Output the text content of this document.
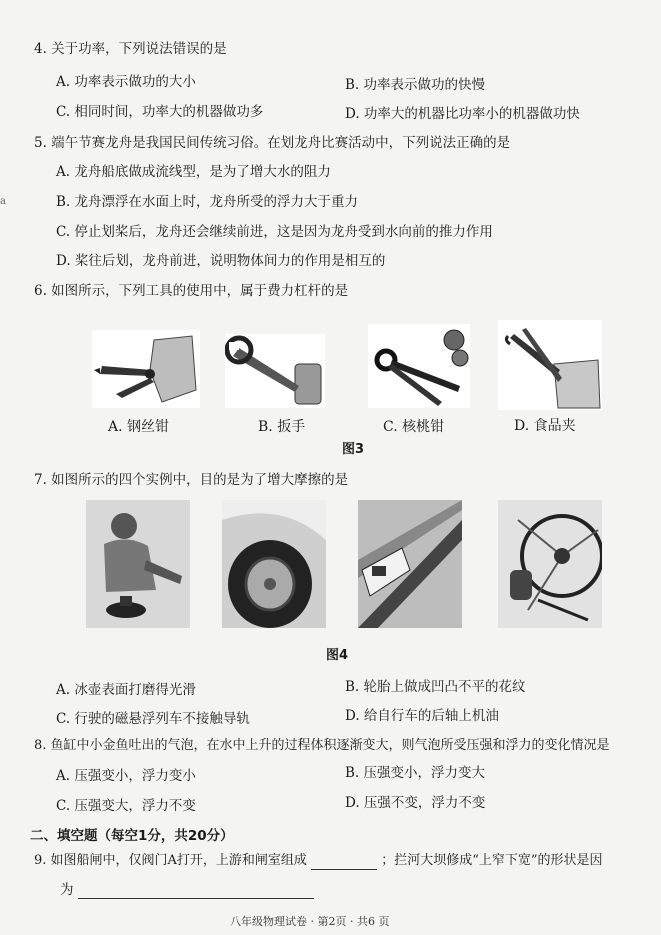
a
4. 关于功率，下列说法错误的是
A. 功率表示做功的大小	B. 功率表示做功的快慢
C. 相同时间，功率大的机器做功多	D. 功率大的机器比功率小的机器做功快
5. 端午节赛龙舟是我国民间传统习俗。在划龙舟比赛活动中，下列说法正确的是
A. 龙舟船底做成流线型，是为了增大水的阻力
B. 龙舟漂浮在水面上时，龙舟所受的浮力大于重力
C. 停止划桨后，龙舟还会继续前进，这是因为龙舟受到水向前的推力作用
D. 桨往后划，龙舟前进，说明物体间力的作用是相互的
6. 如图所示，下列工具的使用中，属于费力杠杆的是
A. 钢丝钳	B. 扳手	C. 核桃钳	D. 食品夹
图3
7. 如图所示的四个实例中，目的是为了增大摩擦的是
图4
A. 冰壶表面打磨得光滑	B. 轮胎上做成凹凸不平的花纹
C. 行驶的磁悬浮列车不接触导轨	D. 给自行车的后轴上机油
8. 鱼缸中小金鱼吐出的气泡，在水中上升的过程体积逐渐变大，则气泡所受压强和浮力的变化情况是
A. 压强变小，浮力变小	B. 压强变小，浮力变大
C. 压强变大，浮力不变	D. 压强不变，浮力不变
二、填空题（每空1分，共20分）
9. 如图船闸中，仅阀门A打开，上游和闸室组成	；拦河大坝修成“上窄下宽”的形状是因
为
八年级物理试卷 · 第2页 · 共6 页
